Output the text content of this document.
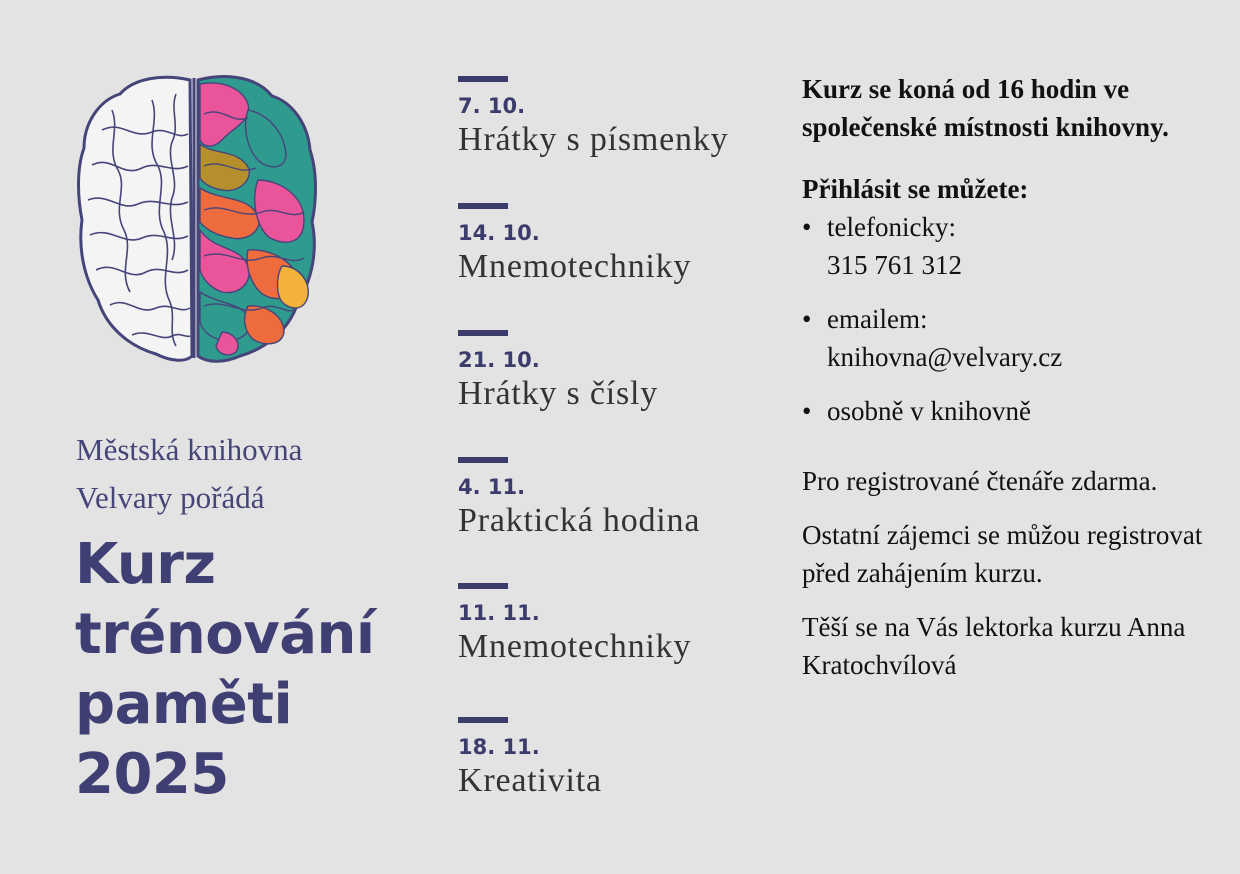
Městská knihovna
Velvary pořádá
Kurz
trénování
paměti
2025
7. 10.
Hrátky s písmenky
14. 10.
Mnemotechniky
21. 10.
Hrátky s čísly
4. 11.
Praktická hodina
11. 11.
Mnemotechniky
18. 11.
Kreativita
Kurz se koná od 16 hodin ve společenské místnosti knihovny.
Přihlásit se můžete:
• telefonicky:
315 761 312
• emailem:
knihovna@velvary.cz
• osobně v knihovně
Pro registrované čtenáře zdarma.
Ostatní zájemci se můžou registrovat před zahájením kurzu.
Těší se na Vás lektorka kurzu Anna Kratochvílová
